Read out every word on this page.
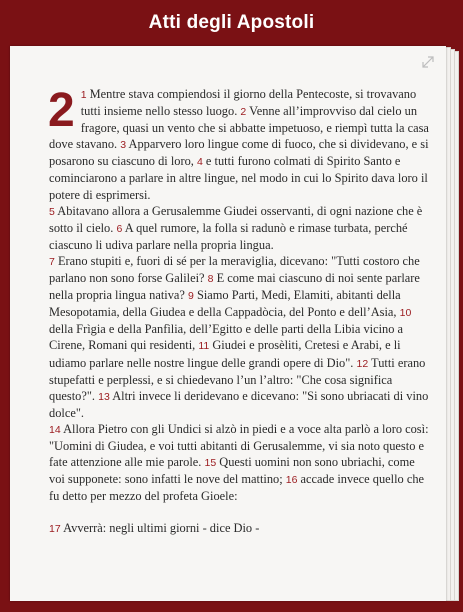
Atti degli Apostoli
2 1 Mentre stava compiendosi il giorno della Pentecoste, si trovavano tutti insieme nello stesso luogo. 2 Venne all’improvviso dal cielo un fragore, quasi un vento che si abbatte impetuoso, e riempì tutta la casa dove stavano. 3 Apparvero loro lingue come di fuoco, che si dividevano, e si posarono su ciascuno di loro, 4 e tutti furono colmati di Spirito Santo e cominciarono a parlare in altre lingue, nel modo in cui lo Spirito dava loro il potere di esprimersi.

5 Abitavano allora a Gerusalemme Giudei osservanti, di ogni nazione che è sotto il cielo. 6 A quel rumore, la folla si radunò e rimase turbata, perché ciascuno li udiva parlare nella propria lingua.

7 Erano stupiti e, fuori di sé per la meraviglia, dicevano: "Tutti costoro che parlano non sono forse Galilei? 8 E come mai ciascuno di noi sente parlare nella propria lingua nativa? 9 Siamo Parti, Medi, Elamiti, abitanti della Mesopotamia, della Giudea e della Cappadòcia, del Ponto e dell’Asia, 10 della Frìgia e della Panfìlia, dell’Egitto e delle parti della Libia vicino a Cirene, Romani qui residenti, 11 Giudei e prosèliti, Cretesi e Arabi, e li udiamo parlare nelle nostre lingue delle grandi opere di Dio". 12 Tutti erano stupefatti e perplessi, e si chiedevano l’un l’altro: "Che cosa significa questo?". 13 Altri invece li deridevano e dicevano: "Si sono ubriacati di vino dolce".

14 Allora Pietro con gli Undici si alzò in piedi e a voce alta parlò a loro così: "Uomini di Giudea, e voi tutti abitanti di Gerusalemme, vi sia noto questo e fate attenzione alle mie parole. 15 Questi uomini non sono ubriachi, come voi supponete: sono infatti le nove del mattino; 16 accade invece quello che fu detto per mezzo del profeta Gioele:

17 Avverrà: negli ultimi giorni - dice Dio -
